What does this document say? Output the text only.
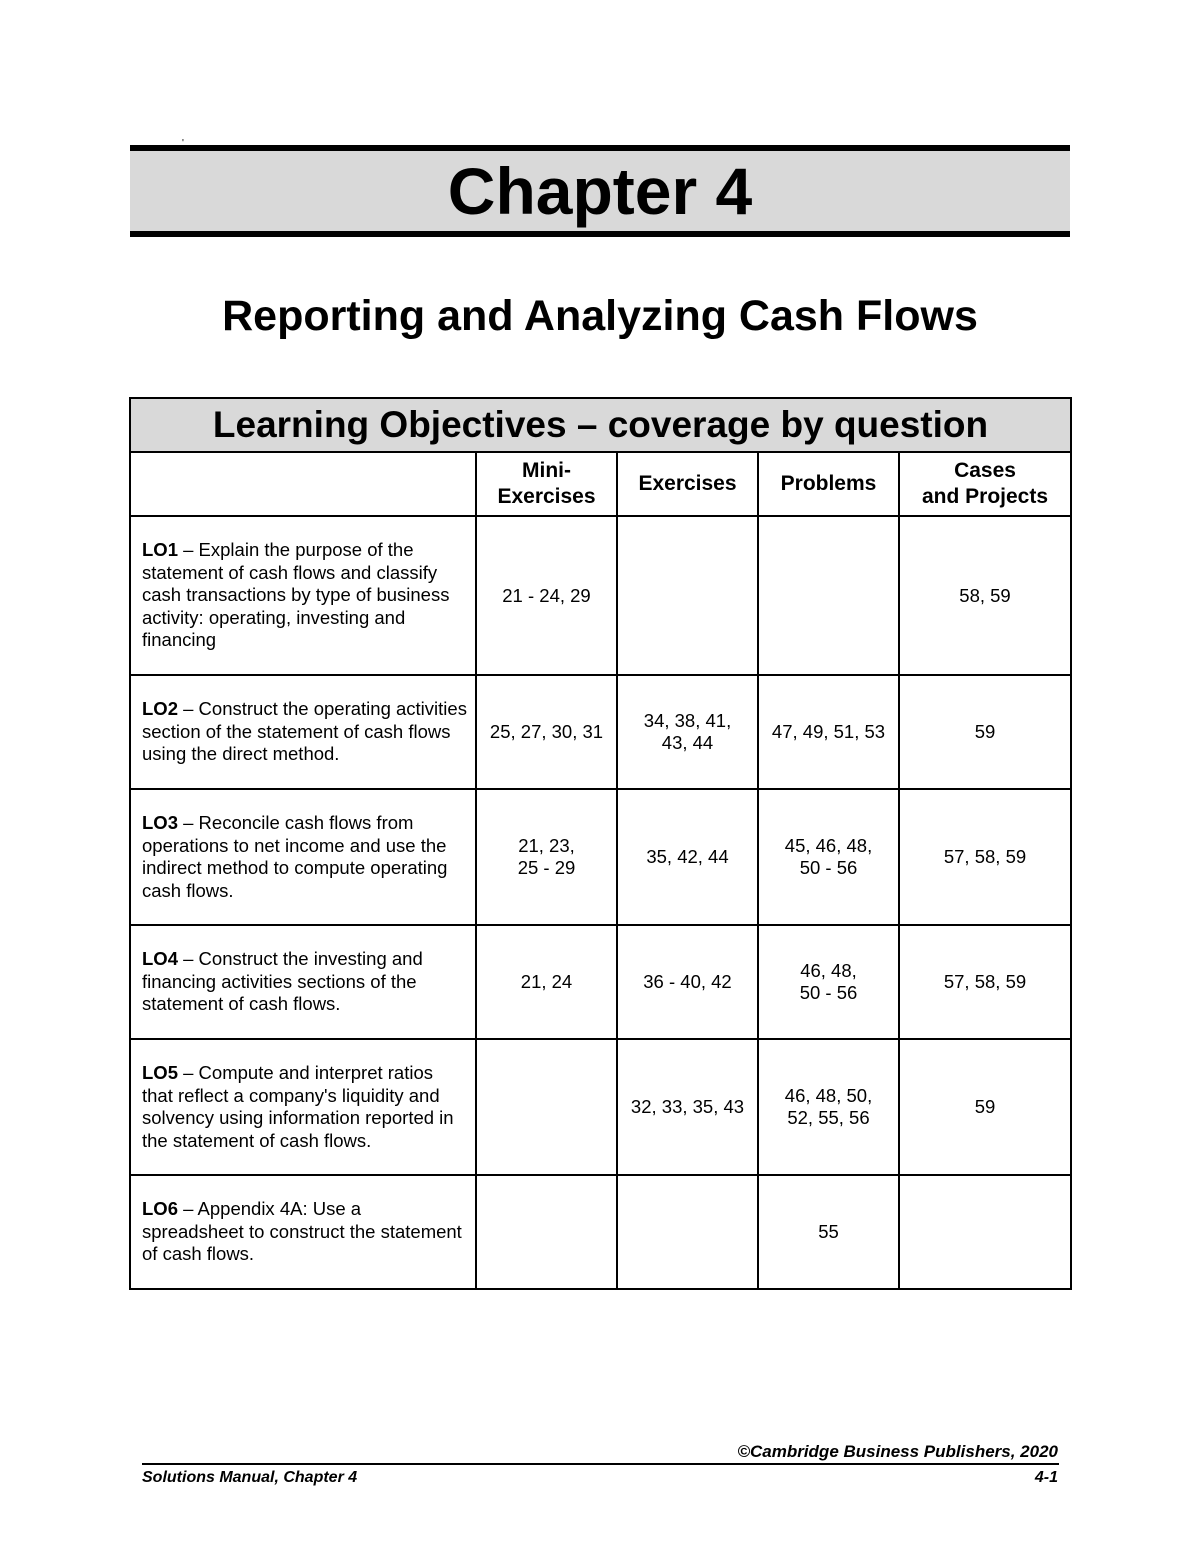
'
Chapter 4
Reporting and Analyzing Cash Flows
Learning Objectives – coverage by question				
	Mini-
Exercises	Exercises	Problems	Cases
and Projects
LO1 – Explain the purpose of the statement of cash flows and classify cash transactions by type of business activity: operating, investing and financing	21 - 24, 29			58, 59
LO2 – Construct the operating activities section of the statement of cash flows using the direct method.	25, 27, 30, 31	34, 38, 41,
43, 44	47, 49, 51, 53	59
LO3 – Reconcile cash flows from operations to net income and use the indirect method to compute operating cash flows.	21, 23,
25 - 29	35, 42, 44	45, 46, 48,
50 - 56	57, 58, 59
LO4 – Construct the investing and financing activities sections of the statement of cash flows.	21, 24	36 - 40, 42	46, 48,
50 - 56	57, 58, 59
LO5 – Compute and interpret ratios that reflect a company's liquidity and solvency using information reported in the statement of cash flows.		32, 33, 35, 43	46, 48, 50,
52, 55, 56	59
LO6 – Appendix 4A: Use a spreadsheet to construct the statement of cash flows.			55	
©Cambridge Business Publishers, 2020
Solutions Manual, Chapter 4	4-1
